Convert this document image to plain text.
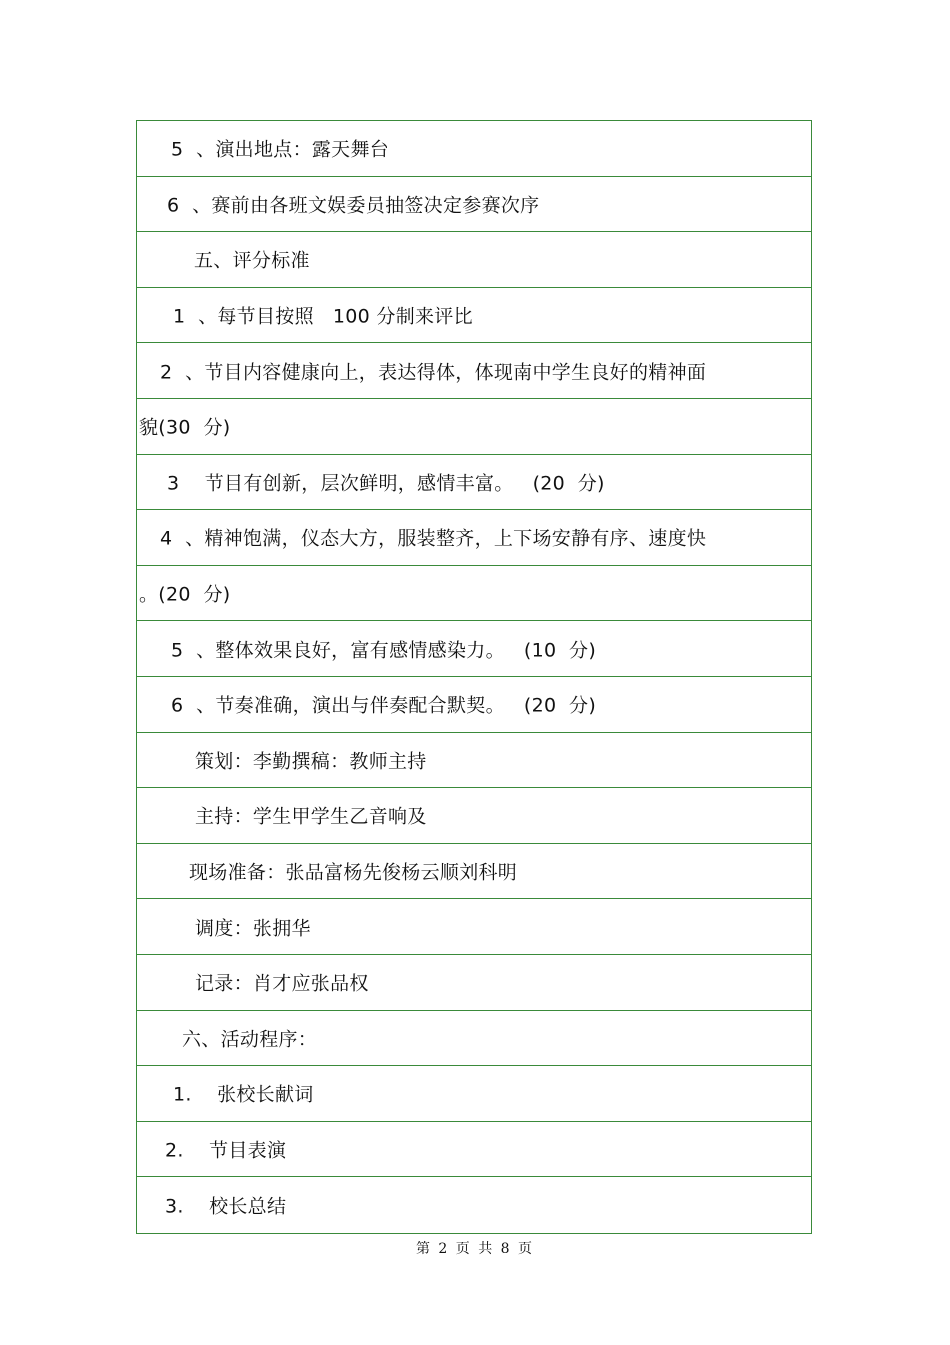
5  、演出地点：露天舞台
6  、赛前由各班文娱委员抽签决定参赛次序
五、评分标准
1  、每节目按照   100 分制来评比
2  、节目内容健康向上，表达得体，体现南中学生良好的精神面
貌(30  分)
3    节目有创新，层次鲜明，感情丰富。   (20  分)
4  、精神饱满，仪态大方，服装整齐，上下场安静有序、速度快
。(20  分)
5  、整体效果良好，富有感情感染力。   (10  分)
6  、节奏准确，演出与伴奏配合默契。   (20  分)
策划：李勤撰稿：教师主持
主持：学生甲学生乙音响及
现场准备：张品富杨先俊杨云顺刘科明
调度：张拥华
记录：肖才应张品权
六、活动程序：
1.    张校长献词
2.    节目表演
3.    校长总结
第 2 页 共 8 页
